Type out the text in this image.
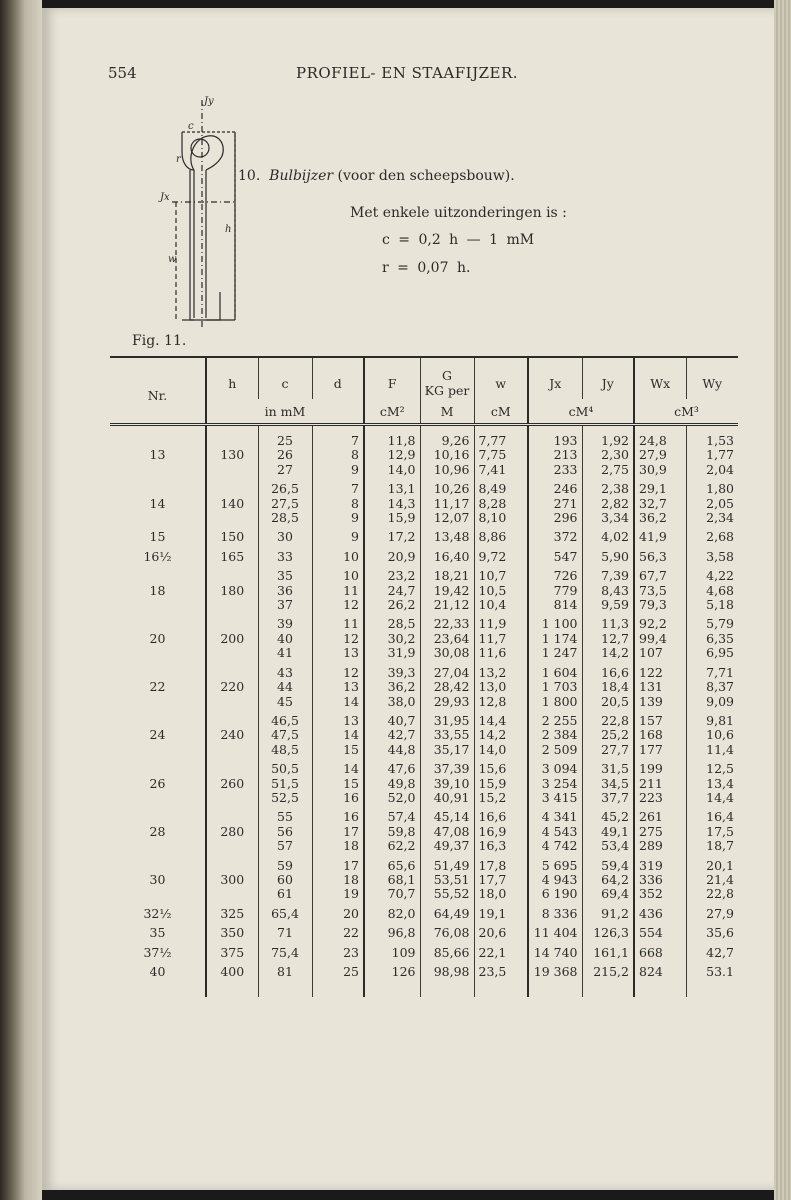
554	PROFIEL- EN STAAFIJZER.
Jy
Jx
c
r
h
w
Fig. 11.
10. Bulbijzer (voor den scheepsbouw).
Met enkele uitzonderingen is :
c = 0,2 h — 1 mM
r = 0,07 h.
Nr.	h	c	d	F	G
KG per	w	Jx	Jy	Wx	Wy
	in mM			cM²	M	cM	cM⁴		cM³	
		25	7	11,8	9,26	7,77	193	1,92	24,8	1,53
13	130	26	8	12,9	10,16	7,75	213	2,30	27,9	1,77
		27	9	14,0	10,96	7,41	233	2,75	30,9	2,04
		26,5	7	13,1	10,26	8,49	246	2,38	29,1	1,80
14	140	27,5	8	14,3	11,17	8,28	271	2,82	32,7	2,05
		28,5	9	15,9	12,07	8,10	296	3,34	36,2	2,34
15	150	30	9	17,2	13,48	8,86	372	4,02	41,9	2,68
16½	165	33	10	20,9	16,40	9,72	547	5,90	56,3	3,58
		35	10	23,2	18,21	10,7	726	7,39	67,7	4,22
18	180	36	11	24,7	19,42	10,5	779	8,43	73,5	4,68
		37	12	26,2	21,12	10,4	814	9,59	79,3	5,18
		39	11	28,5	22,33	11,9	1 100	11,3	92,2	5,79
20	200	40	12	30,2	23,64	11,7	1 174	12,7	99,4	6,35
		41	13	31,9	30,08	11,6	1 247	14,2	107	6,95
		43	12	39,3	27,04	13,2	1 604	16,6	122	7,71
22	220	44	13	36,2	28,42	13,0	1 703	18,4	131	8,37
		45	14	38,0	29,93	12,8	1 800	20,5	139	9,09
		46,5	13	40,7	31,95	14,4	2 255	22,8	157	9,81
24	240	47,5	14	42,7	33,55	14,2	2 384	25,2	168	10,6
		48,5	15	44,8	35,17	14,0	2 509	27,7	177	11,4
		50,5	14	47,6	37,39	15,6	3 094	31,5	199	12,5
26	260	51,5	15	49,8	39,10	15,9	3 254	34,5	211	13,4
		52,5	16	52,0	40,91	15,2	3 415	37,7	223	14,4
		55	16	57,4	45,14	16,6	4 341	45,2	261	16,4
28	280	56	17	59,8	47,08	16,9	4 543	49,1	275	17,5
		57	18	62,2	49,37	16,3	4 742	53,4	289	18,7
		59	17	65,6	51,49	17,8	5 695	59,4	319	20,1
30	300	60	18	68,1	53,51	17,7	4 943	64,2	336	21,4
		61	19	70,7	55,52	18,0	6 190	69,4	352	22,8
32½	325	65,4	20	82,0	64,49	19,1	8 336	91,2	436	27,9
35	350	71	22	96,8	76,08	20,6	11 404	126,3	554	35,6
37½	375	75,4	23	109	85,66	22,1	14 740	161,1	668	42,7
40	400	81	25	126	98,98	23,5	19 368	215,2	824	53.1
